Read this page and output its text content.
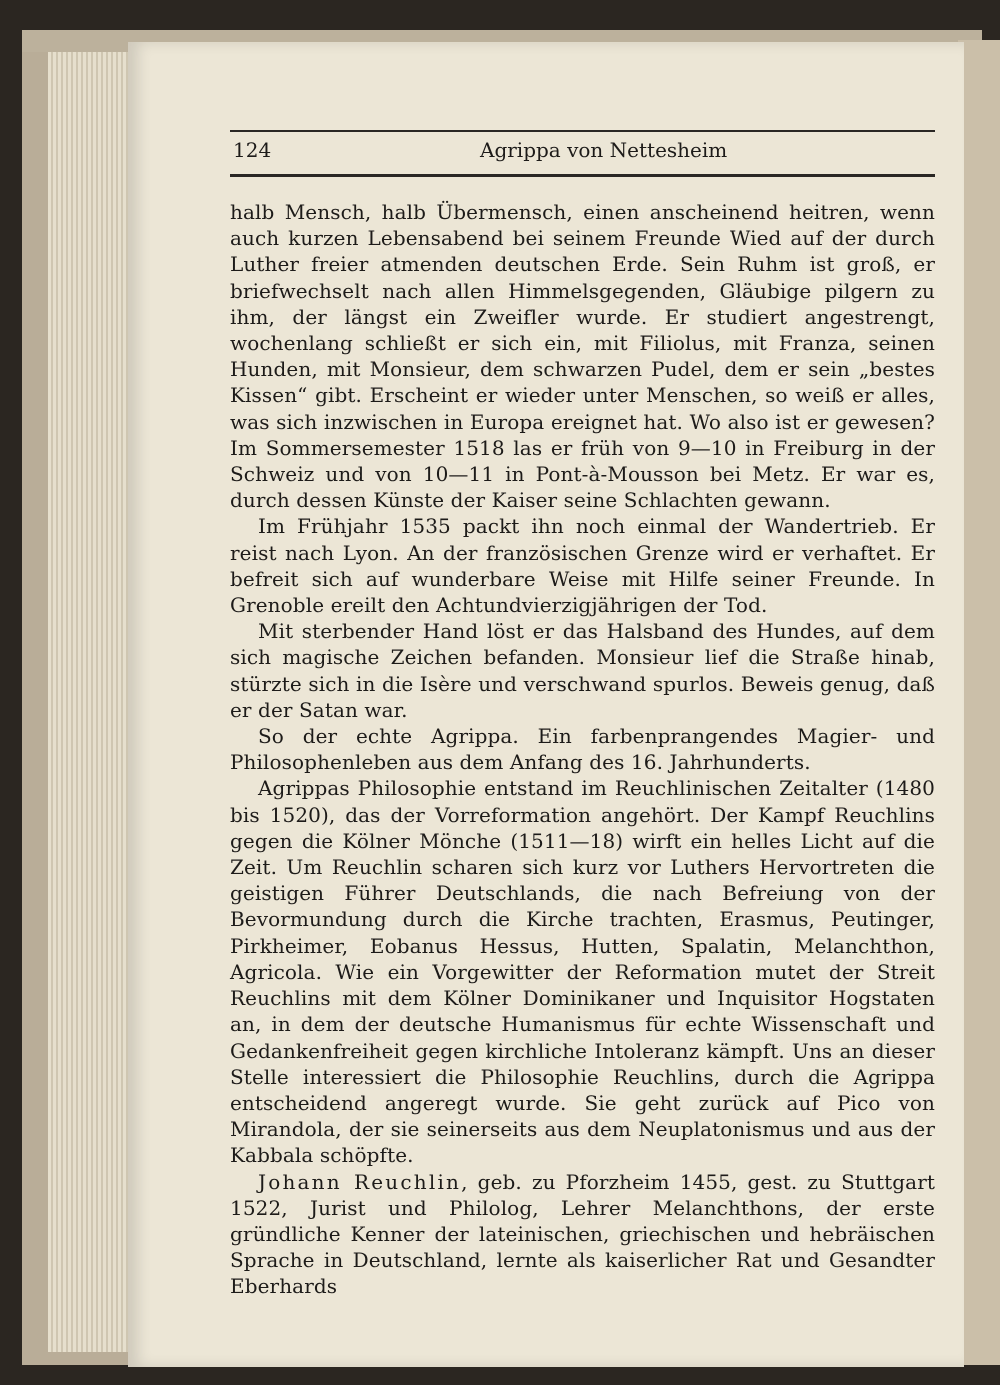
124	Agrippa von Nettesheim

halb Mensch, halb Übermensch, einen anscheinend heitren, wenn auch kurzen Lebensabend bei seinem Freunde Wied auf der durch Luther freier atmenden deutschen Erde. Sein Ruhm ist groß, er briefwechselt nach allen Himmelsgegenden, Gläubige pilgern zu ihm, der längst ein Zweifler wurde. Er studiert angestrengt, wochenlang schließt er sich ein, mit Filiolus, mit Franza, seinen Hunden, mit Monsieur, dem schwarzen Pudel, dem er sein „bestes Kissen“ gibt. Erscheint er wieder unter Menschen, so weiß er alles, was sich inzwischen in Europa ereignet hat. Wo also ist er gewesen? Im Sommersemester 1518 las er früh von 9—10 in Freiburg in der Schweiz und von 10—11 in Pont-à-Mousson bei Metz. Er war es, durch dessen Künste der Kaiser seine Schlachten gewann.

Im Frühjahr 1535 packt ihn noch einmal der Wandertrieb. Er reist nach Lyon. An der französischen Grenze wird er verhaftet. Er befreit sich auf wunderbare Weise mit Hilfe seiner Freunde. In Grenoble ereilt den Achtundvierzigjährigen der Tod.

Mit sterbender Hand löst er das Halsband des Hundes, auf dem sich magische Zeichen befanden. Monsieur lief die Straße hinab, stürzte sich in die Isère und verschwand spurlos. Beweis genug, daß er der Satan war.

So der echte Agrippa. Ein farbenprangendes Magier- und Philosophenleben aus dem Anfang des 16. Jahrhunderts.

Agrippas Philosophie entstand im Reuchlinischen Zeitalter (1480 bis 1520), das der Vorreformation angehört. Der Kampf Reuchlins gegen die Kölner Mönche (1511—18) wirft ein helles Licht auf die Zeit. Um Reuchlin scharen sich kurz vor Luthers Hervortreten die geistigen Führer Deutschlands, die nach Befreiung von der Bevormundung durch die Kirche trachten, Erasmus, Peutinger, Pirkheimer, Eobanus Hessus, Hutten, Spalatin, Melanchthon, Agricola. Wie ein Vorgewitter der Reformation mutet der Streit Reuchlins mit dem Kölner Dominikaner und Inquisitor Hogstaten an, in dem der deutsche Humanismus für echte Wissenschaft und Gedankenfreiheit gegen kirchliche Intoleranz kämpft. Uns an dieser Stelle interessiert die Philosophie Reuchlins, durch die Agrippa entscheidend angeregt wurde. Sie geht zurück auf Pico von Mirandola, der sie seinerseits aus dem Neuplatonismus und aus der Kabbala schöpfte.

Johann Reuchlin, geb. zu Pforzheim 1455, gest. zu Stuttgart 1522, Jurist und Philolog, Lehrer Melanchthons, der erste gründliche Kenner der lateinischen, griechischen und hebräischen Sprache in Deutschland, lernte als kaiserlicher Rat und Gesandter Eberhards
